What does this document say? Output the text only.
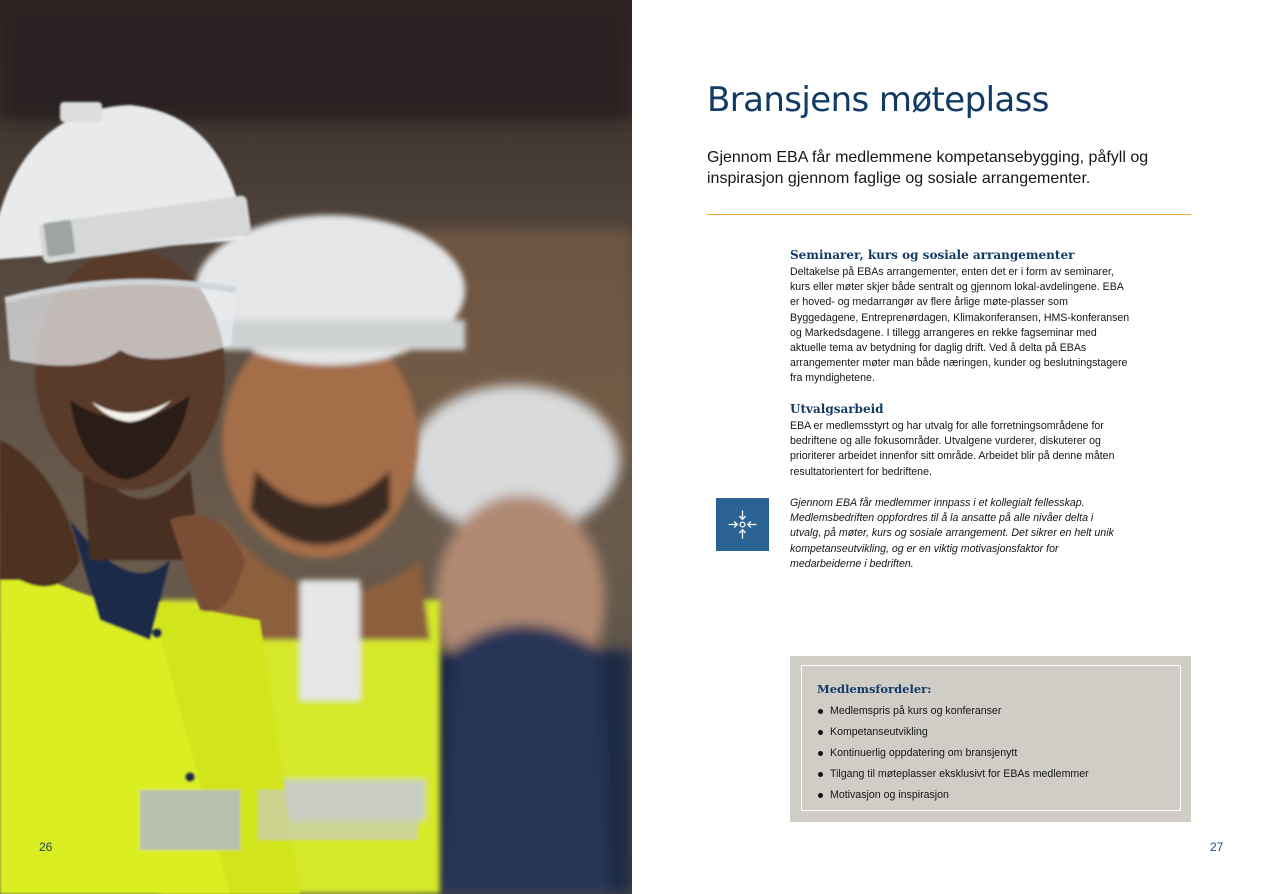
26
Bransjens møteplass

Gjennom EBA får medlemmene kompetansebygging, påfyll og inspirasjon gjennom faglige og sosiale arrangementer.

Seminarer, kurs og sosiale arrangementer

Deltakelse på EBAs arrangementer, enten det er i form av seminarer, kurs eller møter skjer både sentralt og gjennom lokal-avdelingene. EBA er hoved- og medarrangør av flere årlige møte-plasser som Byggedagene, Entreprenørdagen, Klimakonferansen, HMS-konferansen og Markedsdagene. I tillegg arrangeres en rekke fagseminar med aktuelle tema av betydning for daglig drift. Ved å delta på EBAs arrangementer møter man både næringen, kunder og beslutningstagere fra myndighetene.

Utvalgsarbeid

EBA er medlemsstyrt og har utvalg for alle forretningsområdene for bedriftene og alle fokusområder. Utvalgene vurderer, diskuterer og prioriterer arbeidet innenfor sitt område. Arbeidet blir på denne måten resultatorientert for bedriftene.

Gjennom EBA får medlemmer innpass i et kollegialt fellesskap. Medlemsbedriften oppfordres til å la ansatte på alle nivåer delta i utvalg, på møter, kurs og sosiale arrangement. Det sikrer en helt unik kompetanseutvikling, og er en viktig motivasjonsfaktor for medarbeiderne i bedriften.

Medlemsfordeler:
Medlemspris på kurs og konferanser
Kompetanseutvikling
Kontinuerlig oppdatering om bransjenytt
Tilgang til møteplasser eksklusivt for EBAs medlemmer
Motivasjon og inspirasjon
27
